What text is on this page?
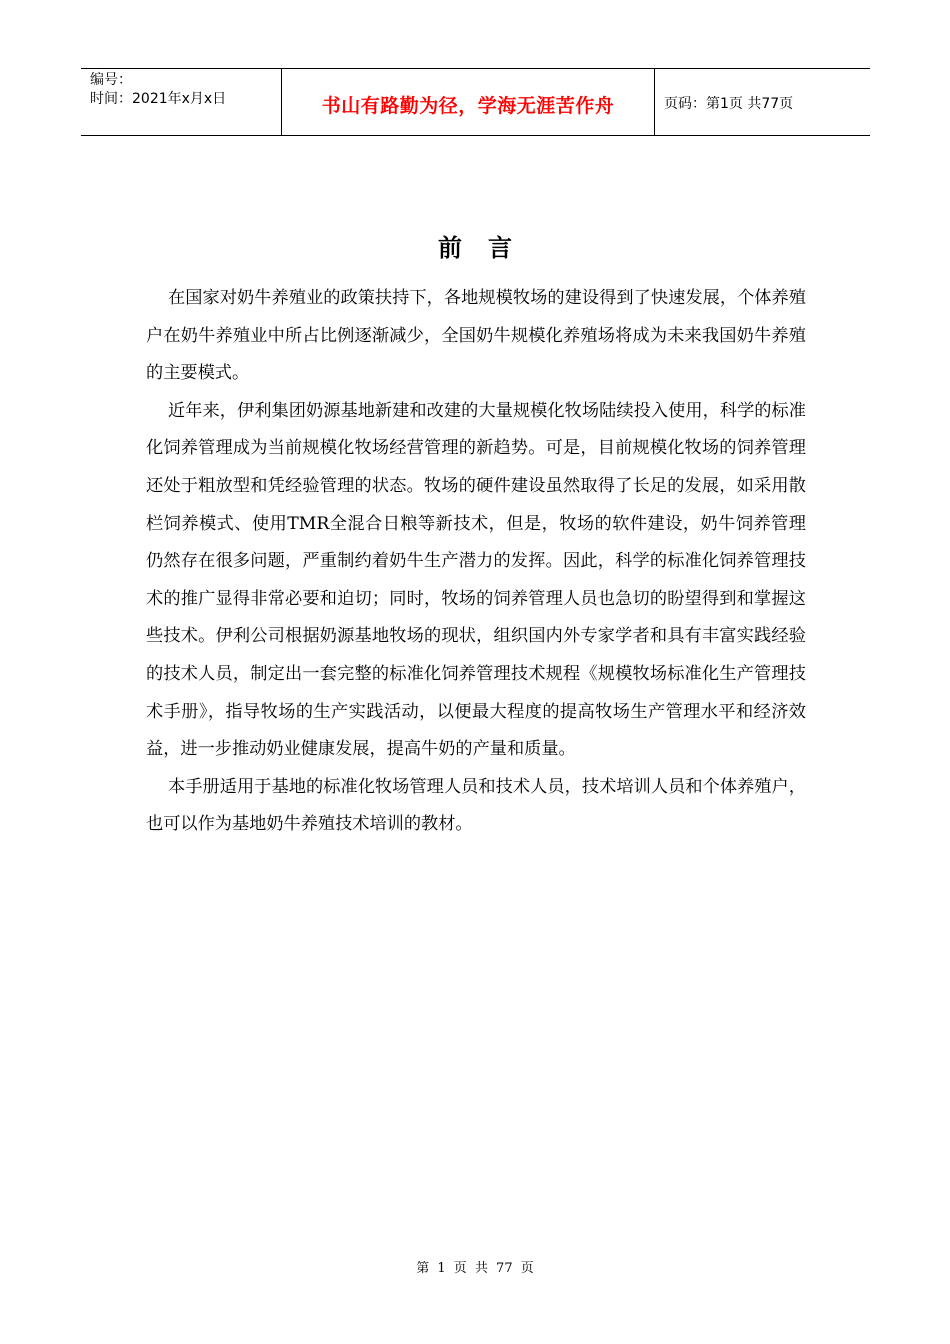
编号：
时间：2021年x月x日	书山有路勤为径，学海无涯苦作舟	页码：第1页 共77页
前言

在国家对奶牛养殖业的政策扶持下，各地规模牧场的建设得到了快速发展，个体养殖户在奶牛养殖业中所占比例逐渐减少，全国奶牛规模化养殖场将成为未来我国奶牛养殖的主要模式。

近年来，伊利集团奶源基地新建和改建的大量规模化牧场陆续投入使用，科学的标准化饲养管理成为当前规模化牧场经营管理的新趋势。可是，目前规模化牧场的饲养管理还处于粗放型和凭经验管理的状态。牧场的硬件建设虽然取得了长足的发展，如采用散栏饲养模式、使用TMR全混合日粮等新技术，但是，牧场的软件建设，奶牛饲养管理仍然存在很多问题，严重制约着奶牛生产潜力的发挥。因此，科学的标准化饲养管理技术的推广显得非常必要和迫切；同时，牧场的饲养管理人员也急切的盼望得到和掌握这些技术。伊利公司根据奶源基地牧场的现状，组织国内外专家学者和具有丰富实践经验的技术人员，制定出一套完整的标准化饲养管理技术规程《规模牧场标准化生产管理技术手册》，指导牧场的生产实践活动，以便最大程度的提高牧场生产管理水平和经济效益，进一步推动奶业健康发展，提高牛奶的产量和质量。

本手册适用于基地的标准化牧场管理人员和技术人员，技术培训人员和个体养殖户，也可以作为基地奶牛养殖技术培训的教材。

第 1 页 共 77 页
